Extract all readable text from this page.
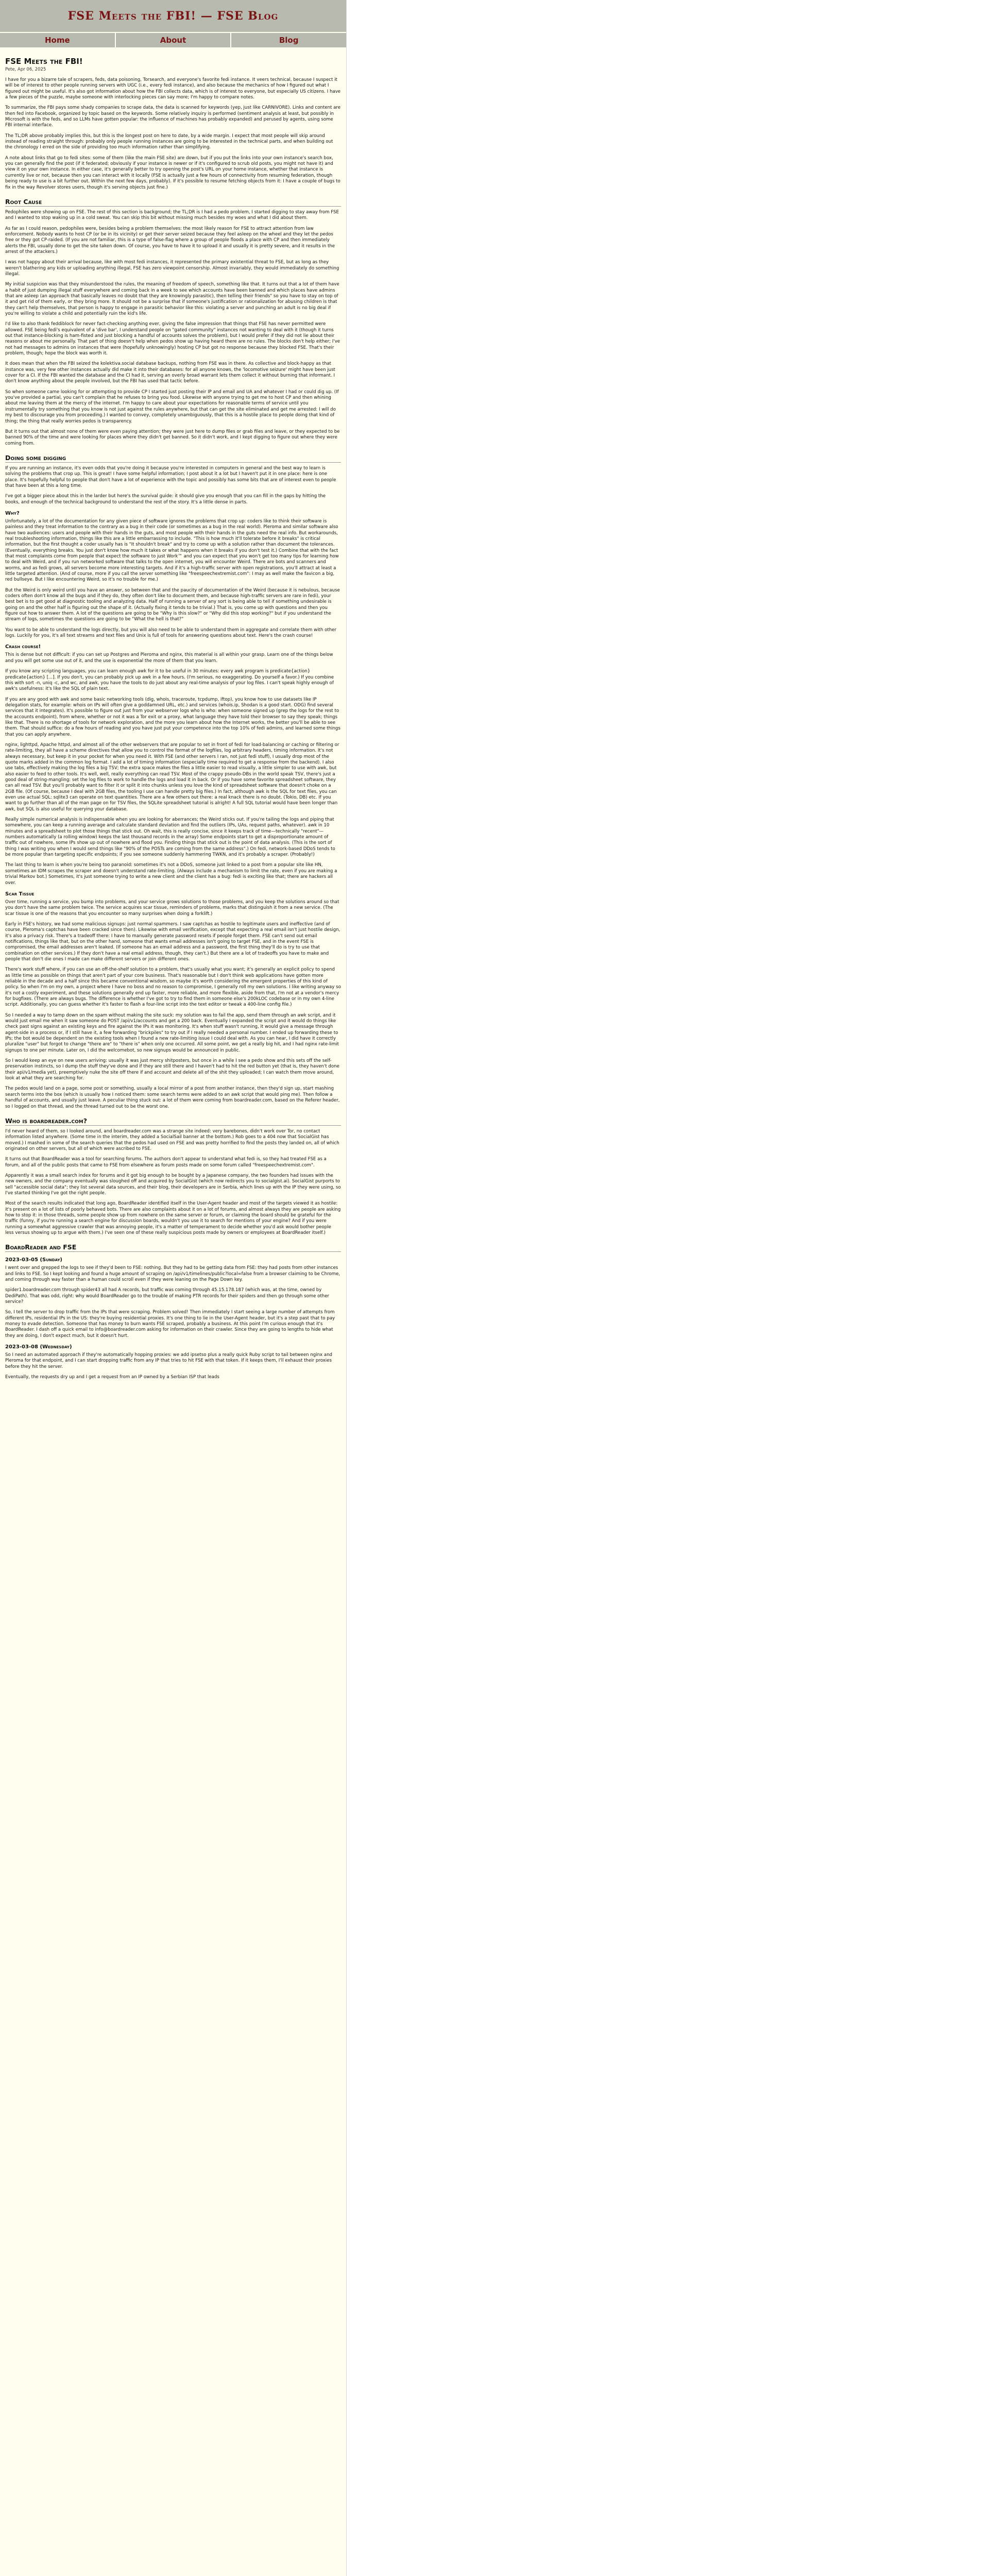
FSE Meets the FBI! — FSE Blog
Home	About	Blog
FSE Meets the FBI!
Pete, Apr 06, 2025

I have for you a bizarre tale of scrapers, feds, data poisoning, Torsearch, and everyone's favorite fedi instance. It veers technical, because I suspect it will be of interest to other people running servers with UGC (i.e., every fedi instance), and also because the mechanics of how I figured out what I figured out might be useful. It's also got information about how the FBI collects data, which is of interest to everyone, but especially US citizens. I have a few pieces of the puzzle, maybe someone with interlocking pieces can say more; I'm happy to compare notes.

To summarize, the FBI pays some shady companies to scrape data, the data is scanned for keywords (yep, just like CARNIVORE). Links and content are then fed into Facebook, organized by topic based on the keywords. Some relatively inquiry is performed (sentiment analysis at least, but possibly in Microsoft is with the feds, and so LLMs have gotten popular: the influence of machines has probably expanded) and perused by agents, using some FBI internal interface.

The TL;DR above probably implies this, but this is the longest post on here to date, by a wide margin. I expect that most people will skip around instead of reading straight through: probably only people running instances are going to be interested in the technical parts, and when building out the chronology I erred on the side of providing too much information rather than simplifying.

A note about links that go to fedi sites: some of them (like the main FSE site) are down, but if you put the links into your own instance's search box, you can generally find the post (if it federated; obviously if your instance is newer or if it's configured to scrub old posts, you might not have it) and view it on your own instance. In either case, it's generally better to try opening the post's URL on your home instance, whether that instance is currently live or not, because then you can interact with it locally (FSE is actually just a few hours of connectivity from resuming federation, though being ready to use is a bit further out. Within the next few days, probably). If it's possible to resume fetching objects from it: I have a couple of bugs to fix in the way Revolver stores users, though it's serving objects just fine.)

Root Cause

Pedophiles were showing up on FSE. The rest of this section is background; the TL;DR is I had a pedo problem, I started digging to stay away from FSE and I wanted to stop waking up in a cold sweat. You can skip this bit without missing much besides my woes and what I did about them.

As far as I could reason, pedophiles were, besides being a problem themselves: the most likely reason for FSE to attract attention from law enforcement. Nobody wants to host CP (or be in its vicinity) or get their server seized because they feel asleep on the wheel and they let the pedos free or they got CP-raided. (If you are not familiar, this is a type of false-flag where a group of people floods a place with CP and then immediately alerts the FBI, usually done to get the site taken down. Of course, you have to have it to upload it and usually it is pretty severe, and it results in the arrest of the attackers.)

I was not happy about their arrival because, like with most fedi instances, it represented the primary existential threat to FSE, but as long as they weren't blathering any kids or uploading anything illegal, FSE has zero viewpoint censorship. Almost invariably, they would immediately do something illegal.

My initial suspicion was that they misunderstood the rules, the meaning of freedom of speech, something like that. It turns out that a lot of them have a habit of just dumping illegal stuff everywhere and coming back in a week to see which accounts have been banned and which places have admins that are asleep (an approach that basically leaves no doubt that they are knowingly parasitic), then telling their friends" so you have to stay on top of it and get rid of them early, or they bring more. It should not be a surprise that if someone's justification or rationalization for abusing children is that they can't help themselves, that person is happy to engage in parasitic behavior like this: violating a server and punching an adult is no big deal if you're willing to violate a child and potentially ruin the kid's life.

I'd like to also thank feddiblock for never fact-checking anything ever, giving the false impression that things that FSE has never permitted were allowed. FSE being fedi's equivalent of a 'dive bar', I understand people on "gated community" instances not wanting to deal with it (though it turns out that instance-blocking is ham-fisted and just blocking a handful of accounts solves the problem), but I would prefer if they did not lie about their reasons or about me personally. That part of thing doesn't help when pedos show up having heard there are no rules. The blocks don't help either; I've not had messages to admins on instances that were (hopefully unknowingly) hosting CP but got no response because they blocked FSE. That's their problem, though; hope the block was worth it.

It does mean that when the FBI seized the kolektiva.social database backups, nothing from FSE was in there. As collective and block-happy as that instance was, very few other instances actually did make it into their databases: for all anyone knows, the 'locomotive seizure' might have been just cover for a CI. If the FBI wanted the database and the CI had it, serving an overly broad warrant lets them collect it without burning that informant. I don't know anything about the people involved, but the FBI has used that tactic before.

So when someone came looking for or attempting to provide CP I started just posting their IP and email and UA and whatever I had or could dig up. (If you've provided a partial, you can't complain that he refuses to bring you food. Likewise with anyone trying to get me to host CP and then whining about me leaving them at the mercy of the internet. I'm happy to care about your expectations for reasonable terms of service until you instrumentally try something that you know is not just against the rules anywhere, but that can get the site eliminated and get me arrested: I will do my best to discourage you from proceeding.) I wanted to convey, completely unambiguously, that this is a hostile place to people doing that kind of thing; the thing that really worries pedos is transparency.

But it turns out that almost none of them were even paying attention; they were just here to dump files or grab files and leave, or they expected to be banned 90% of the time and were looking for places where they didn't get banned. So it didn't work, and I kept digging to figure out where they were coming from.

Doing some digging

If you are running an instance, it's even odds that you're doing it because you're interested in computers in general and the best way to learn is solving the problems that crop up. This is great! I have some helpful information; I post about it a lot but I haven't put it in one place: here is one place. It's hopefully helpful to people that don't have a lot of experience with the topic and possibly has some bits that are of interest even to people that have been at this a long time.

I've got a bigger piece about this in the larder but here's the survival guide: it should give you enough that you can fill in the gaps by hitting the books, and enough of the technical background to understand the rest of the story. It's a little dense in parts.

Why?

Unfortunately, a lot of the documentation for any given piece of software ignores the problems that crop up: coders like to think their software is painless and they treat information to the contrary as a bug in their code (or sometimes as a bug in the real world). Pleroma and similar software also have two audiences: users and people with their hands in the guts, and most people with their hands in the guts need the real info. But workarounds, real troubleshooting information, things like this are a little embarrassing to include. "This is how much it'll tolerate before it breaks" is critical information, but the first thought a coder usually has is "It shouldn't break" and try to come up with a solution rather than document the tolerances. (Eventually, everything breaks. You just don't know how much it takes or what happens when it breaks if you don't test it.) Combine that with the fact that most complaints come from people that expect the software to just Work™ and you can expect that you won't get too many tips for learning how to deal with Weird, and if you run networked software that talks to the open internet, you will encounter Weird. There are bots and scanners and worms, and as fedi grows, all servers become more interesting targets. And if it's a high-traffic server with open registrations, you'll attract at least a little targeted attention. (And of course, more if you call the server something like "freespeechextremist.com": I may as well make the favicon a big, red bullseye. But I like encountering Weird, so it's no trouble for me.)

But the Weird is only weird until you have an answer, so between that and the paucity of documentation of the Weird (because it is nebulous, because coders often don't know all the bugs and if they do, they often don't like to document them, and because high-traffic servers are rare in fedi), your best bet is to get good at diagnostic tooling and analyzing data. Half of running a server of any sort is being able to tell if something undesirable is going on and the other half is figuring out the shape of it. (Actually fixing it tends to be trivial.) That is, you come up with questions and then you figure out how to answer them. A lot of the questions are going to be "Why is this slow?" or "Why did this stop working?" but if you understand the stream of logs, sometimes the questions are going to be "What the hell is that?"

You want to be able to understand the logs directly, but you will also need to be able to understand them in aggregate and correlate them with other logs. Luckily for you, it's all text streams and text files and Unix is full of tools for answering questions about text. Here's the crash course!

Crash course!

This is dense but not difficult: if you can set up Postgres and Pleroma and nginx, this material is all within your grasp. Learn one of the things below and you will get some use out of it, and the use is exponential the more of them that you learn.

If you know any scripting languages, you can learn enough awk for it to be useful in 30 minutes: every awk program is predicate{action} predicate{action} [...]. If you don't, you can probably pick up awk in a few hours. (I'm serious, no exaggerating. Do yourself a favor.) If you combine this with sort -n, uniq -c, and wc, and awk, you have the tools to do just about any real-time analysis of your log files. I can't speak highly enough of awk's usefulness: it's like the SQL of plain text.

If you are any good with awk and some basic networking tools (dig, whois, traceroute, tcpdump, iftop), you know how to use datasets like IP delegation stats, for example: whois on IPs will often give a goddamned URL, etc.) and services (whois.ip, Shodan is a good start. ODG) find several services that it integrates). It's possible to figure out just from your webserver logs who is who: when someone signed up (grep the logs for the rest to the accounts endpoint), from where, whether or not it was a Tor exit or a proxy, what language they have told their browser to say they speak; things like that. There is no shortage of tools for network exploration, and the more you learn about how the Internet works, the better you'll be able to see them. That should suffice: do a few hours of reading and you have just put your competence into the top 10% of fedi admins, and learned some things that you can apply anywhere.

nginx, lighttpd, Apache httpd, and almost all of the other webservers that are popular to set in front of fedi for load-balancing or caching or filtering or rate-limiting, they all have a scheme directives that allow you to control the format of the logfiles, log arbitrary headers, timing information. It's not always necessary, but keep it in your pocket for when you need it. With FSE (and other servers I ran, not just fedi stuff), I usually drop most of the quote marks added in the common log format. I add a lot of timing information (especially time required to get a response from the backend). I also use tabs, effectively making the log files a big TSV; the extra space makes the files a little easier to read visually, a little simpler to use with awk, but also easier to feed to other tools. It's well, well, really everything can read TSV. Most of the crappy pseudo-DBs in the world speak TSV, there's just a good deal of string-mangling: set the log files to work to handle the logs and load it in back. Or if you have some favorite spreadsheet software, they can all read TSV. But you'll probably want to filter it or split it into chunks unless you love the kind of spreadsheet software that doesn't choke on a 2GB file. (Of course, because I deal with 2GB files, the tooling I use can handle pretty big files.) In fact, although awk is the SQL for text files, you can even use actual SQL: sqlite3 can operate on text quantities. There are a few others out there: a real knack there is no doubt. (Tokio, DB) etc. If you want to go further than all of the man page on for TSV files, the SQLite spreadsheet tutorial is alright! A full SQL tutorial would have been longer than awk, but SQL is also useful for querying your database.

Really simple numerical analysis is indispensable when you are looking for aberrances; the Weird sticks out. If you're tailing the logs and piping that somewhere, you can keep a running average and calculate standard deviation and find the outliers (IPs, UAs, request paths, whatever). awk in 10 minutes and a spreadsheet to plot those things that stick out. Oh wait, this is really concise, since it keeps track of time—technically "recent"—numbers automatically (a rolling window) keeps the last thousand records in the array) Some endpoints start to get a disproportionate amount of traffic out of nowhere, some IPs show up out of nowhere and flood you. Finding things that stick out is the point of data analysis. (This is the sort of thing I was writing you when I would send things like "90% of the POSTs are coming from the same address".) On fedi, network-based DDoS tends to be more popular than targeting specific endpoints; if you see someone suddenly hammering TWKN, and it's probably a scraper. (Probably!)

The last thing to learn is when you're being too paranoid: sometimes it's not a DDoS, someone just linked to a post from a popular site like HN, sometimes an IDM scrapes the scraper and doesn't understand rate-limiting. (Always include a mechanism to limit the rate, even if you are making a trivial Markov bot.) Sometimes, it's just someone trying to write a new client and the client has a bug: fedi is exciting like that; there are hackers all over.

Scar Tissue

Over time, running a service, you bump into problems, and your service grows solutions to those problems, and you keep the solutions around so that you don't have the same problem twice. The service acquires scar tissue, reminders of problems, marks that distinguish it from a new service. (The scar tissue is one of the reasons that you encounter so many surprises when doing a forklift.)

Early in FSE's history, we had some malicious signups: just normal spammers. I saw captchas as hostile to legitimate users and ineffective (and of course, Pleroma's captchas have been cracked since then). Likewise with email verification, except that expecting a real email isn't just hostile design, it's also a privacy risk. There's a tradeoff there: I have to manually generate password resets if people forget them. FSE can't send out email notifications, things like that, but on the other hand, someone that wants email addresses isn't going to target FSE, and in the event FSE is compromised, the email addresses aren't leaked. (If someone has an email address and a password, the first thing they'll do is try to use that combination on other services.) If they don't have a real email address, though, they can't.) But there are a lot of tradeoffs you have to make and people that don't die ones I made can make different servers or join different ones.

There's work stuff where, if you can use an off-the-shelf solution to a problem, that's usually what you want; it's generally an explicit policy to spend as little time as possible on things that aren't part of your core business. That's reasonable but I don't think web applications have gotten more reliable in the decade and a half since this became conventional wisdom, so maybe it's worth considering the emergent properties of this kind of policy. So when I'm on my own, a project where I have no boss and no reason to compromise, I generally roll my own solutions. I like writing anyway so it's not a costly experiment, and these solutions generally end up faster, more reliable, and more flexible, aside from that, I'm not at a vendor's mercy for bugfixes. (There are always bugs. The difference is whether I've got to try to find them in someone else's 200kLOC codebase or in my own 4-line script. Additionally, you can guess whether it's faster to flash a four-line script into the text editor or tweak a 400-line config file.)

So I needed a way to tamp down on the spam without making the site suck: my solution was to fail the app, send them through an awk script, and it would just email me when it saw someone do POST /api/v1/accounts and get a 200 back. Eventually I expanded the script and it would do things like check past signs against an existing keys and fire against the IPs it was monitoring. It's when stuff wasn't running, it would give a message through agent-side in a process or, if I still have it, a few forwarding "brickpiles" to try out if I really needed a personal number. I ended up forwarding these to IPs; the bot would be dependent on the existing tools when I found a new rate-limiting issue I could deal with. As you can hear, I did have it correctly pluralize "user" but forgot to change "there are" to "there is" when only one occurred. All some point, we get a really big hit, and I had nginx rate-limit signups to one per minute. Later on, I did the welcomebot, so new signups would be announced in public.

So I would keep an eye on new users arriving: usually it was just mercy shitposters, but once in a while I see a pedo show and this sets off the self-preservation instincts, so I dump the stuff they've done and if they are still there and I haven't had to hit the red button yet (that is, they haven't done their api/v1/media yet), preemptively nuke the site off there if and account and delete all of the shit they uploaded; I can watch them move around, look at what they are searching for.

The pedos would land on a page, some post or something, usually a local mirror of a post from another instance, then they'd sign up, start mashing search terms into the box (which is usually how I noticed them: some search terms were added to an awk script that would ping me). Then follow a handful of accounts, and usually just leave. A peculiar thing stuck out: a lot of them were coming from boardreader.com, based on the Referer header, so I logged on that thread, and the thread turned out to be the worst one.

Who is boardreader.com?

I'd never heard of them, so I looked around, and boardreader.com was a strange site indeed: very barebones, didn't work over Tor, no contact information listed anywhere. (Some time in the interim, they added a SocialSail banner at the bottom.) Rob goes to a 404 now that SocialGist has moved.) I mashed in some of the search queries that the pedos had used on FSE and was pretty horrified to find the posts they landed on, all of which originated on other servers, but all of which were ascribed to FSE.

It turns out that BoardReader was a tool for searching forums. The authors don't appear to understand what fedi is, so they had treated FSE as a forum, and all of the public posts that came to FSE from elsewhere as forum posts made on some forum called "freespeechextremist.com".

Apparently it was a small search index for forums and it got big enough to be bought by a Japanese company, the two founders had issues with the new owners, and the company eventually was sloughed off and acquired by SocialGist (which now redirects you to socialgist.ai). SocialGist purports to sell "accessible social data"; they list several data sources, and their blog, their developers are in Serbia, which lines up with the IP they were using, so I've started thinking I've got the right people.

Most of the search results indicated that long ago, BoardReader identified itself in the User-Agent header and most of the targets viewed it as hostile: it's present on a lot of lists of poorly behaved bots. There are also complaints about it on a lot of forums, and almost always they are people are asking how to stop it: in those threads, some people show up from nowhere on the same server or forum, or claiming the board should be grateful for the traffic (funny, if you're running a search engine for discussion boards, wouldn't you use it to search for mentions of your engine? And if you were running a somewhat aggressive crawler that was annoying people, it's a matter of temperament to decide whether you'd ask would bother people less versus showing up to argue with them.) I've seen one of these really suspicious posts made by owners or employees at BoardReader itself.)

BoardReader and FSE
2023-03-05 (Sunday)

I went over and grepped the logs to see if they'd been to FSE: nothing. But they had to be getting data from FSE: they had posts from other instances and links to FSE. So I kept looking and found a huge amount of scraping on /api/v1/timelines/public?local=false from a browser claiming to be Chrome, and coming through way faster than a human could scroll even if they were leaning on the Page Down key.

spider1.boardreader.com through spider43 all had A records, but traffic was coming through 45.15.178.187 (which was, at the time, owned by DediPath). That was odd, right: why would BoardReader go to the trouble of making PTR records for their spiders and then go through some other service?

So, I tell the server to drop traffic from the IPs that were scraping. Problem solved! Then immediately I start seeing a large number of attempts from different IPs, residential IPs in the US: they're buying residential proxies. It's one thing to lie in the User-Agent header, but it's a step past that to pay money to evade detection. Someone that has money to burn wants FSE scraped, probably a business. At this point I'm curious enough that it's BoardReader. I dash off a quick email to info@boardreader.com asking for information on their crawler. Since they are going to lengths to hide what they are doing, I don't expect much, but it doesn't hurt.

2023-03-08 (Wednesday)

So I need an automated approach if they're automatically hopping proxies: we add ipsetso plus a really quick Ruby script to tail between nginx and Pleroma for that endpoint, and I can start dropping traffic from any IP that tries to hit FSE with that token. If it keeps them, I'll exhaust their proxies before they hit the server.

Eventually, the requests dry up and I get a request from an IP owned by a Serbian ISP that leads
